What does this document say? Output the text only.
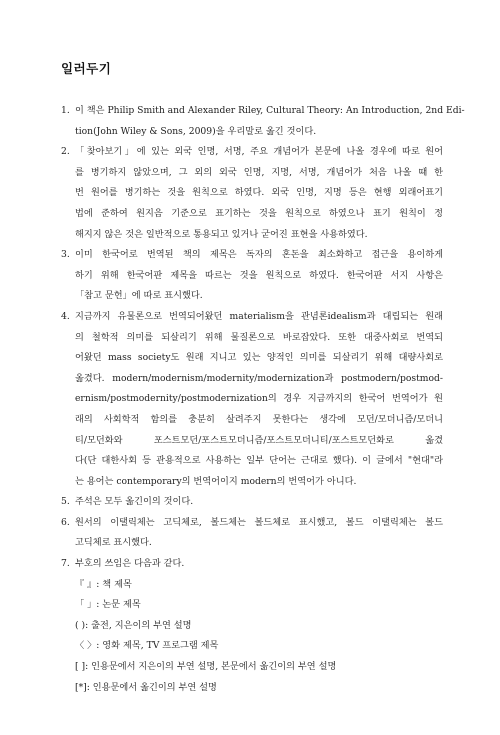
일러두기
1. 이 책은 Philip Smith and Alexander Riley, Cultural Theory: An Introduction, 2nd Edi-
tion(John Wiley & Sons, 2009)을 우리말로 옮긴 것이다.
2. 「찾아보기」에 있는 외국 인명, 서명, 주요 개념어가 본문에 나올 경우에 따로 원어
를 병기하지 않았으며, 그 외의 외국 인명, 지명, 서명, 개념어가 처음 나올 때 한
번 원어를 병기하는 것을 원칙으로 하였다. 외국 인명, 지명 등은 현행 외래어표기
법에 준하여 원지음 기준으로 표기하는 것을 원칙으로 하였으나 표기 원칙이 정
해지지 않은 것은 일반적으로 통용되고 있거나 굳어진 표현을 사용하였다.
3. 이미 한국어로 번역된 책의 제목은 독자의 혼돈을 최소화하고 접근을 용이하게
하기 위해 한국어판 제목을 따르는 것을 원칙으로 하였다. 한국어판 서지 사항은
「참고 문헌」에 따로 표시했다.
4. 지금까지 유물론으로 번역되어왔던 materialism을 관념론idealism과 대립되는 원래
의 철학적 의미를 되살리기 위해 물질론으로 바로잡았다. 또한 대중사회로 번역되
어왔던 mass society도 원래 지니고 있는 양적인 의미를 되살리기 위해 대량사회로
옮겼다. modern/modernism/modernity/modernization과 postmodern/postmod-
ernism/postmodernity/postmodernization의 경우 지금까지의 한국어 번역어가 원
래의 사회학적 함의를 충분히 살려주지 못한다는 생각에 모던/모더니즘/모더니
티/모던화와 포스트모던/포스트모더니즘/포스트모더니티/포스트모던화로 옮겼
다(단 대한사회 등 관용적으로 사용하는 일부 단어는 근대로 했다). 이 글에서 "현대"라
는 용어는 contemporary의 번역어이지 modern의 번역어가 아니다.
5. 주석은 모두 옮긴이의 것이다.
6. 원서의 이탤릭체는 고딕체로, 볼드체는 볼드체로 표시했고, 볼드 이탤릭체는 볼드
고딕체로 표시했다.
7. 부호의 쓰임은 다음과 같다.
『 』: 책 제목
「 」: 논문 제목
( ): 출전, 지은이의 부연 설명
〈 〉: 영화 제목, TV 프로그램 제목
[ ]: 인용문에서 지은이의 부연 설명, 본문에서 옮긴이의 부연 설명
[*]: 인용문에서 옮긴이의 부연 설명
